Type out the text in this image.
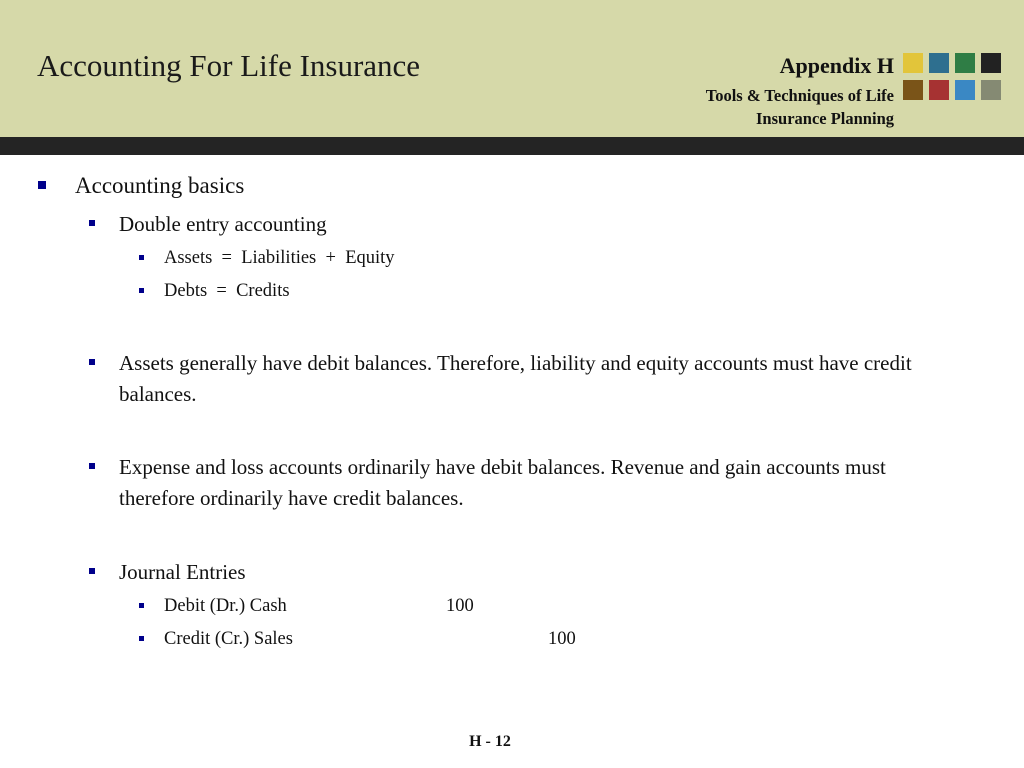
Accounting For Life Insurance	Appendix H
Tools & Techniques of Life
Insurance Planning
Accounting basics
Double entry accounting
Assets  =  Liabilities  +  Equity
Debts  =  Credits
Assets generally have debit balances. Therefore, liability and equity accounts must have credit balances.
Expense and loss accounts ordinarily have debit balances. Revenue and gain accounts must therefore ordinarily have credit balances.
Journal Entries
Debit (Dr.) Cash	100
Credit (Cr.) Sales	100
H - 12
